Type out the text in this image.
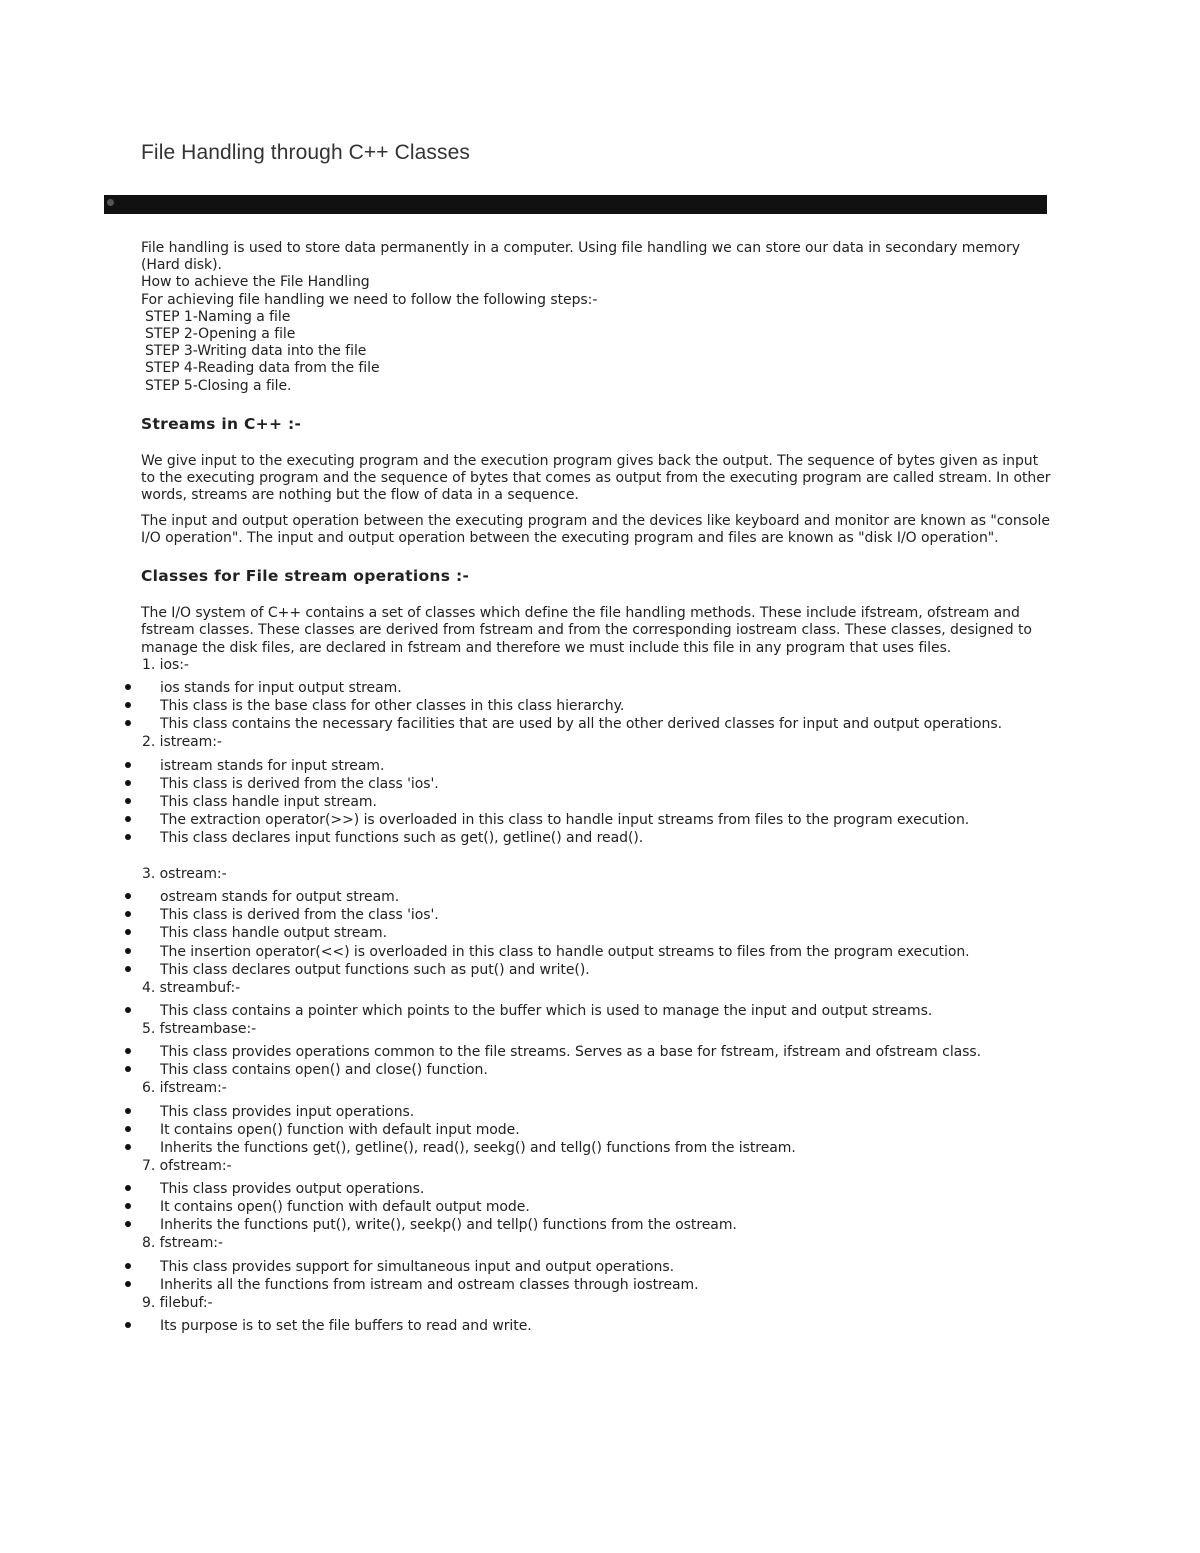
File Handling through C++ Classes

File handling is used to store data permanently in a computer. Using file handling we can store our data in secondary memory (Hard disk).

How to achieve the File Handling

For achieving file handling we need to follow the following steps:-

STEP 1-Naming a file

STEP 2-Opening a file

STEP 3-Writing data into the file

STEP 4-Reading data from the file

STEP 5-Closing a file.

Streams in C++ :-

We give input to the executing program and the execution program gives back the output. The sequence of bytes given as input to the executing program and the sequence of bytes that comes as output from the executing program are called stream. In other words, streams are nothing but the flow of data in a sequence.

The input and output operation between the executing program and the devices like keyboard and monitor are known as "console I/O operation". The input and output operation between the executing program and files are known as "disk I/O operation".

Classes for File stream operations :-

The I/O system of C++ contains a set of classes which define the file handling methods. These include ifstream, ofstream and fstream classes. These classes are derived from fstream and from the corresponding iostream class. These classes, designed to manage the disk files, are declared in fstream and therefore we must include this file in any program that uses files.

1. ios:-

ios stands for input output stream.
This class is the base class for other classes in this class hierarchy.
This class contains the necessary facilities that are used by all the other derived classes for input and output operations.

2. istream:-

istream stands for input stream.
This class is derived from the class 'ios'.
This class handle input stream.
The extraction operator(>>) is overloaded in this class to handle input streams from files to the program execution.
This class declares input functions such as get(), getline() and read().

3. ostream:-

ostream stands for output stream.
This class is derived from the class 'ios'.
This class handle output stream.
The insertion operator(<<) is overloaded in this class to handle output streams to files from the program execution.
This class declares output functions such as put() and write().

4. streambuf:-

This class contains a pointer which points to the buffer which is used to manage the input and output streams.

5. fstreambase:-

This class provides operations common to the file streams. Serves as a base for fstream, ifstream and ofstream class.
This class contains open() and close() function.

6. ifstream:-

This class provides input operations.
It contains open() function with default input mode.
Inherits the functions get(), getline(), read(), seekg() and tellg() functions from the istream.

7. ofstream:-

This class provides output operations.
It contains open() function with default output mode.
Inherits the functions put(), write(), seekp() and tellp() functions from the ostream.

8. fstream:-

This class provides support for simultaneous input and output operations.
Inherits all the functions from istream and ostream classes through iostream.

9. filebuf:-

Its purpose is to set the file buffers to read and write.
